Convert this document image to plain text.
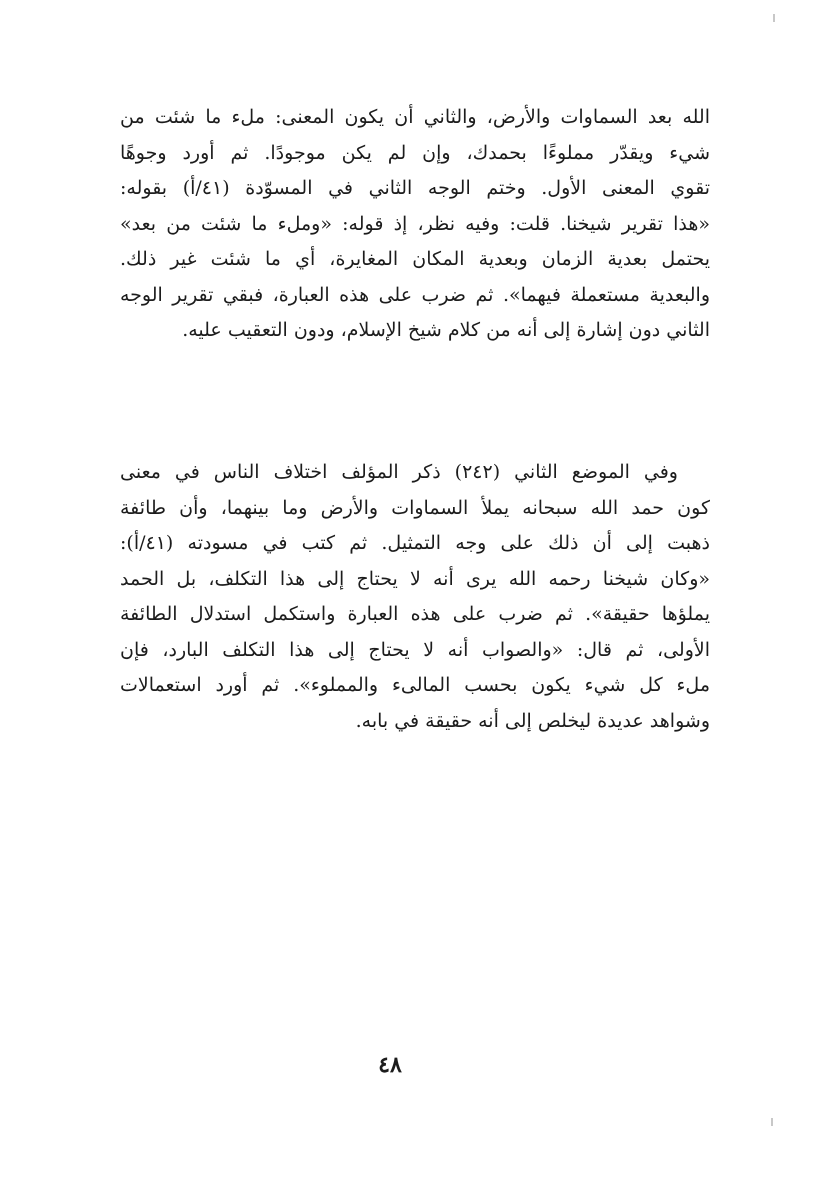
الله بعد السماوات والأرض، والثاني أن يكون المعنى: ملء ما شئت من
شيء ويقدّر مملوءًا بحمدك، وإن لم يكن موجودًا. ثم أورد وجوهًا
تقوي المعنى الأول. وختم الوجه الثاني في المسوّدة (٤١/أ) بقوله:
«هذا تقرير شيخنا. قلت: وفيه نظر، إذ قوله: «وملء ما شئت من بعد»
يحتمل بعدية الزمان وبعدية المكان المغايرة، أي ما شئت غير ذلك.
والبعدية مستعملة فيهما». ثم ضرب على هذه العبارة، فبقي تقرير الوجه
الثاني دون إشارة إلى أنه من كلام شيخ الإسلام، ودون التعقيب عليه.
وفي الموضع الثاني (٢٤٢) ذكر المؤلف اختلاف الناس في معنى
كون حمد الله سبحانه يملأ السماوات والأرض وما بينهما، وأن طائفة
ذهبت إلى أن ذلك على وجه التمثيل. ثم كتب في مسودته (٤١/أ):
«وكان شيخنا رحمه الله يرى أنه لا يحتاج إلى هذا التكلف، بل الحمد
يملؤها حقيقة». ثم ضرب على هذه العبارة واستكمل استدلال الطائفة
الأولى، ثم قال: «والصواب أنه لا يحتاج إلى هذا التكلف البارد، فإن
ملء كل شيء يكون بحسب المالىء والمملوء». ثم أورد استعمالات
وشواهد عديدة ليخلص إلى أنه حقيقة في بابه.
٤٨
